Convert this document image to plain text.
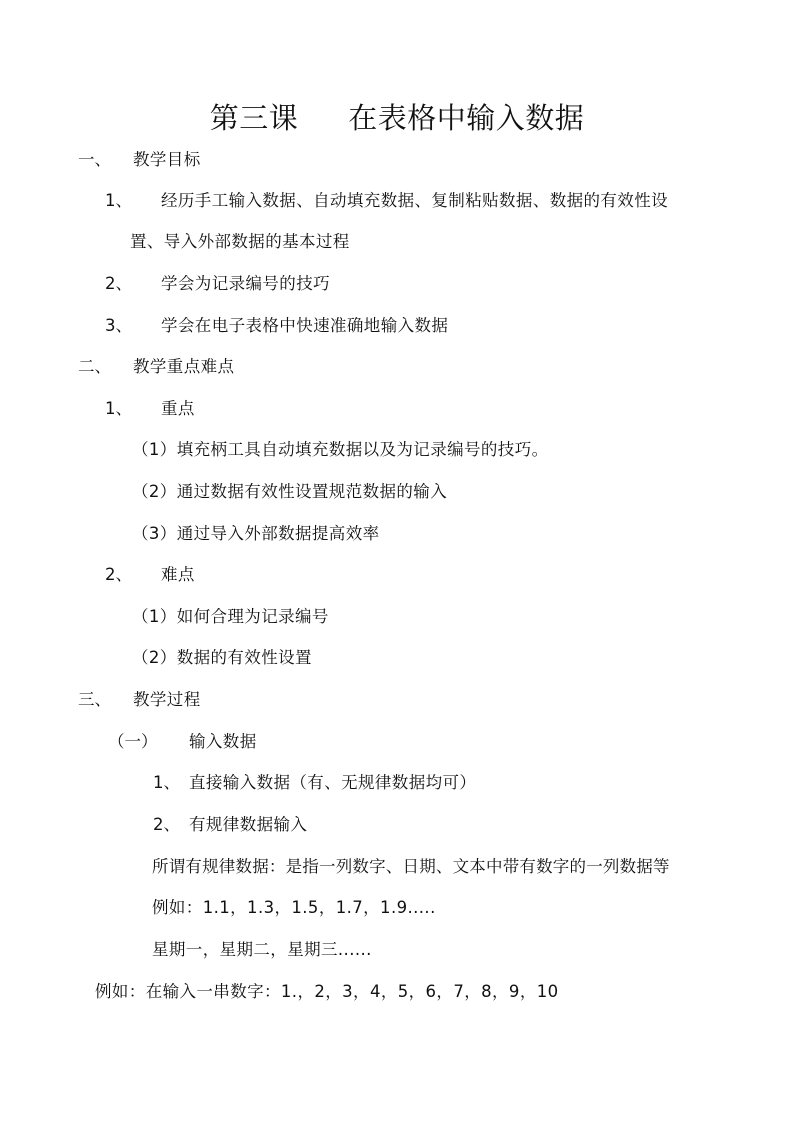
第三课 在表格中输入数据
一、 教学目标
1、 经历手工输入数据、自动填充数据、复制粘贴数据、数据的有效性设
置、导入外部数据的基本过程
2、 学会为记录编号的技巧
3、 学会在电子表格中快速准确地输入数据
二、 教学重点难点
1、 重点
（1）填充柄工具自动填充数据以及为记录编号的技巧。
（2）通过数据有效性设置规范数据的输入
（3）通过导入外部数据提高效率
2、 难点
（1）如何合理为记录编号
（2）数据的有效性设置
三、 教学过程
（一） 输入数据
1、 直接输入数据（有、无规律数据均可）
2、 有规律数据输入
所谓有规律数据：是指一列数字、日期、文本中带有数字的一列数据等
例如：1.1，1.3，1.5，1.7，1.9.....
星期一，星期二，星期三......
例如：在输入一串数字：1.，2，3，4，5，6，7，8，9，10
